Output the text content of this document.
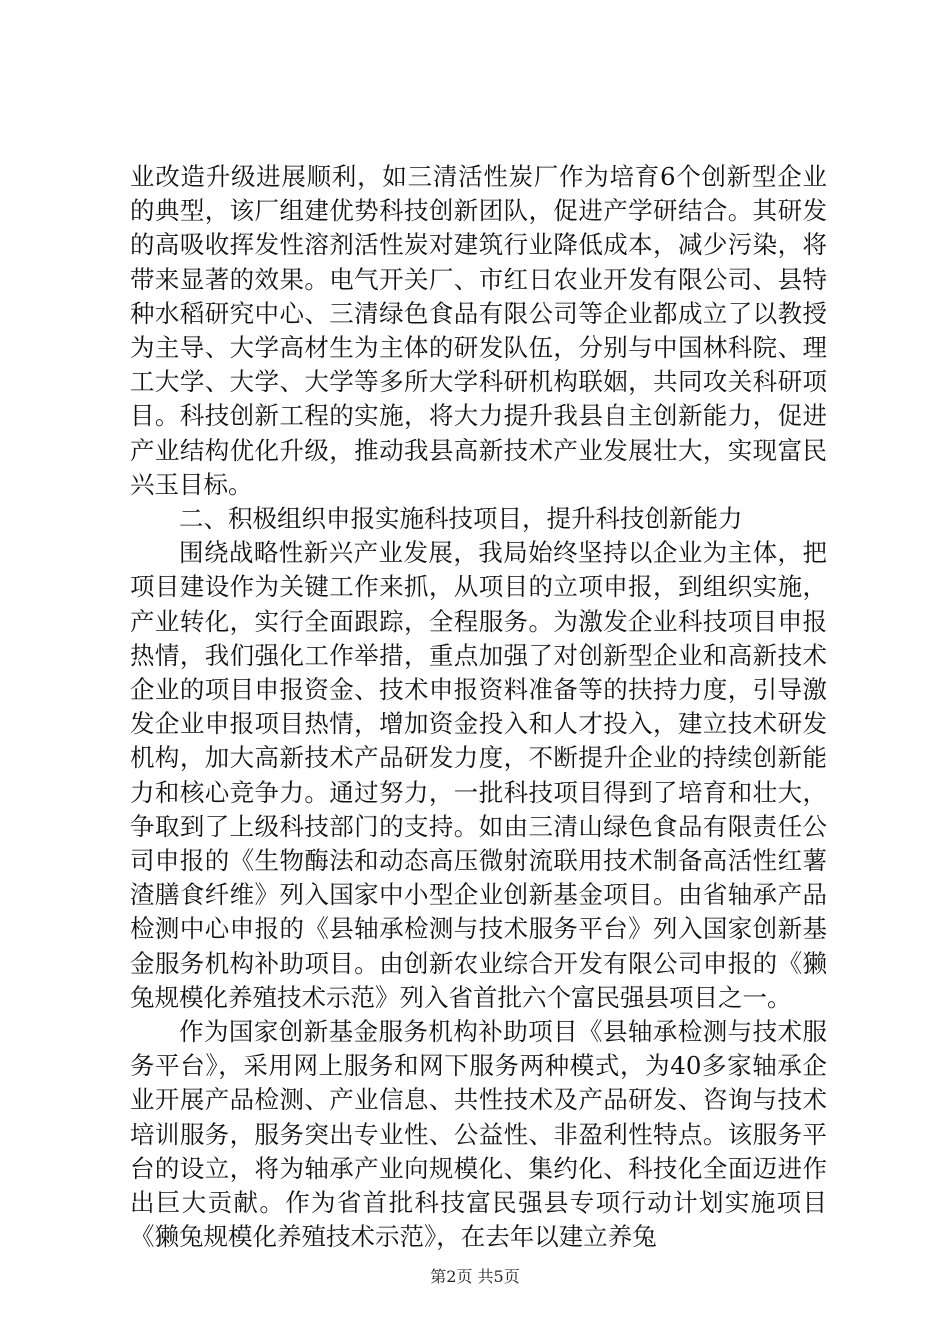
业改造升级进展顺利，如三清活性炭厂作为培育6个创新型企业的典型，该厂组建优势科技创新团队，促进产学研结合。其研发的高吸收挥发性溶剂活性炭对建筑行业降低成本，减少污染，将带来显著的效果。电气开关厂、市红日农业开发有限公司、县特种水稻研究中心、三清绿色食品有限公司等企业都成立了以教授为主导、大学高材生为主体的研发队伍，分别与中国林科院、理工大学、大学、大学等多所大学科研机构联姻，共同攻关科研项目。科技创新工程的实施，将大力提升我县自主创新能力，促进产业结构优化升级，推动我县高新技术产业发展壮大，实现富民兴玉目标。

二、积极组织申报实施科技项目，提升科技创新能力

围绕战略性新兴产业发展，我局始终坚持以企业为主体，把项目建设作为关键工作来抓，从项目的立项申报，到组织实施，产业转化，实行全面跟踪，全程服务。为激发企业科技项目申报热情，我们强化工作举措，重点加强了对创新型企业和高新技术企业的项目申报资金、技术申报资料准备等的扶持力度，引导激发企业申报项目热情，增加资金投入和人才投入，建立技术研发机构，加大高新技术产品研发力度，不断提升企业的持续创新能力和核心竞争力。通过努力，一批科技项目得到了培育和壮大，争取到了上级科技部门的支持。如由三清山绿色食品有限责任公司申报的《生物酶法和动态高压微射流联用技术制备高活性红薯渣膳食纤维》列入国家中小型企业创新基金项目。由省轴承产品检测中心申报的《县轴承检测与技术服务平台》列入国家创新基金服务机构补助项目。由创新农业综合开发有限公司申报的《獭兔规模化养殖技术示范》列入省首批六个富民强县项目之一。

作为国家创新基金服务机构补助项目《县轴承检测与技术服务平台》，采用网上服务和网下服务两种模式，为40多家轴承企业开展产品检测、产业信息、共性技术及产品研发、咨询与技术培训服务，服务突出专业性、公益性、非盈利性特点。该服务平台的设立，将为轴承产业向规模化、集约化、科技化全面迈进作出巨大贡献。作为省首批科技富民强县专项行动计划实施项目《獭兔规模化养殖技术示范》，在去年以建立养兔

第2页 共5页
